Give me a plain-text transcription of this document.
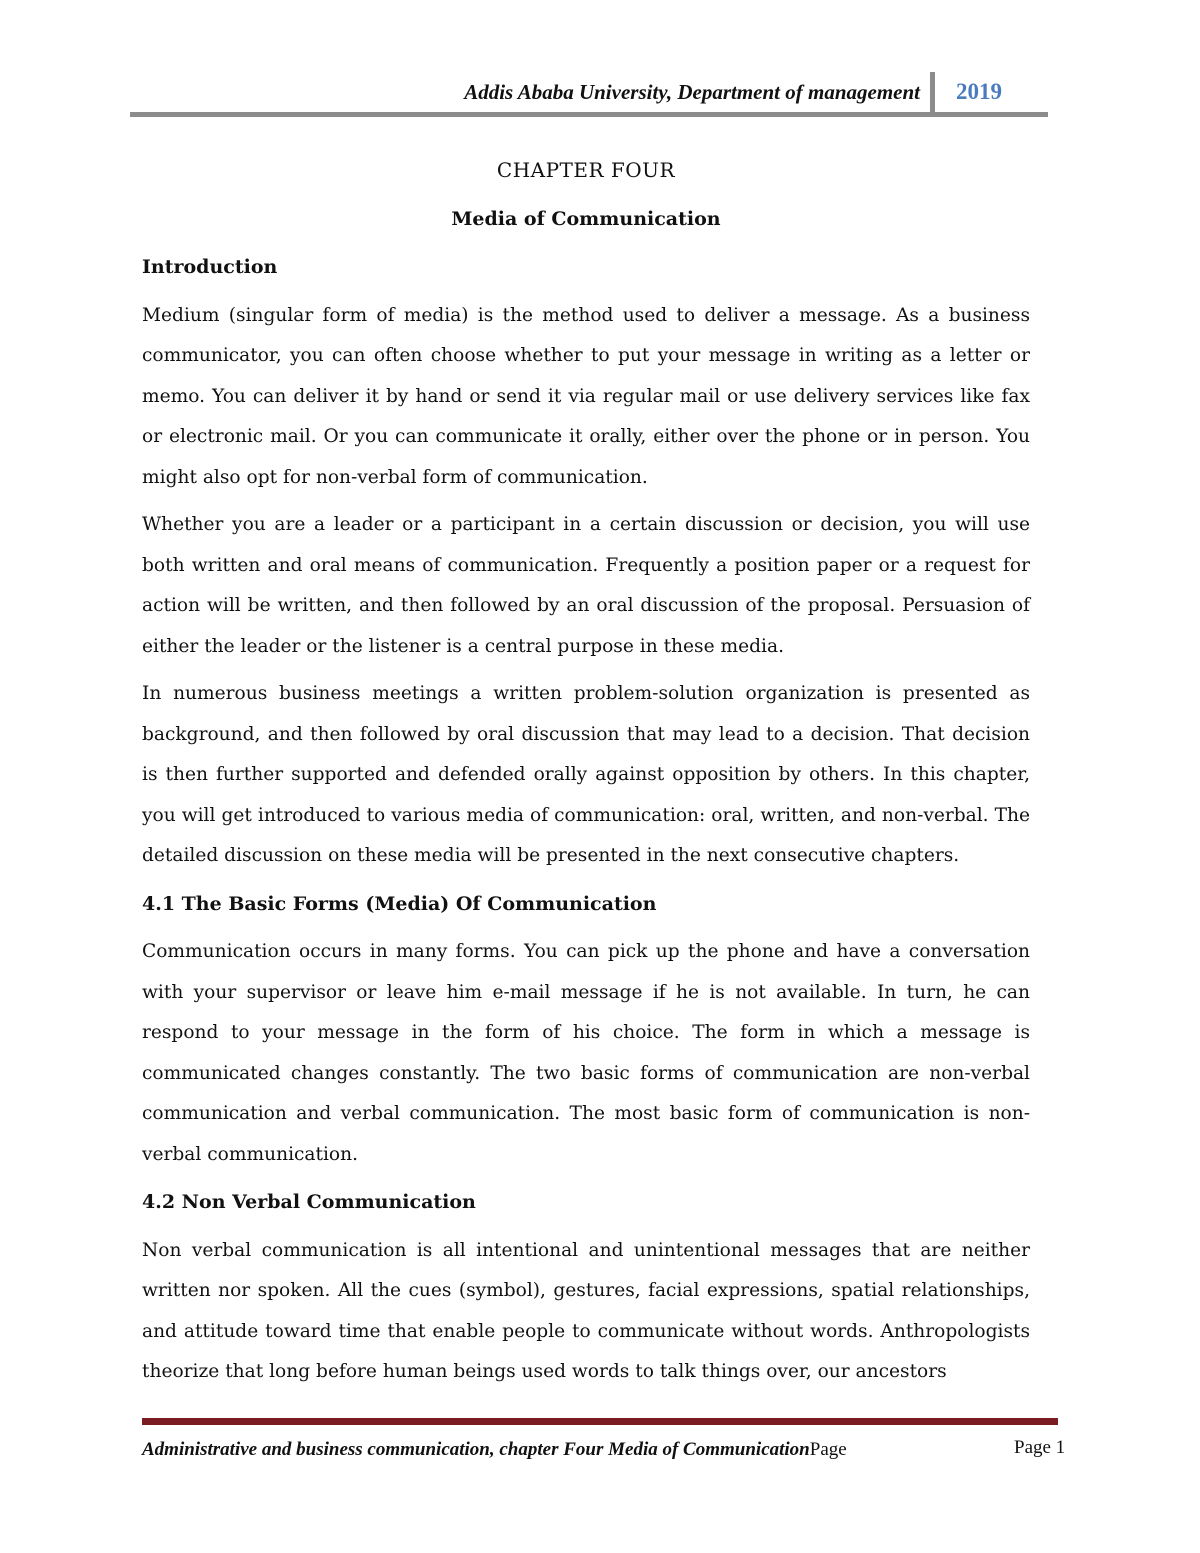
Addis Ababa University, Department of management 2019
CHAPTER FOUR
Media of Communication
Introduction

Medium (singular form of media) is the method used to deliver a message. As a business communicator, you can often choose whether to put your message in writing as a letter or memo. You can deliver it by hand or send it via regular mail or use delivery services like fax or electronic mail. Or you can communicate it orally, either over the phone or in person. You might also opt for non-verbal form of communication.

Whether you are a leader or a participant in a certain discussion or decision, you will use both written and oral means of communication. Frequently a position paper or a request for action will be written, and then followed by an oral discussion of the proposal. Persuasion of either the leader or the listener is a central purpose in these media.

In numerous business meetings a written problem-solution organization is presented as background, and then followed by oral discussion that may lead to a decision. That decision is then further supported and defended orally against opposition by others. In this chapter, you will get introduced to various media of communication: oral, written, and non-verbal. The detailed discussion on these media will be presented in the next consecutive chapters.

4.1 The Basic Forms (Media) Of Communication

Communication occurs in many forms. You can pick up the phone and have a conversation with your supervisor or leave him e-mail message if he is not available. In turn, he can respond to your message in the form of his choice. The form in which a message is communicated changes constantly. The two basic forms of communication are non-verbal communication and verbal communication. The most basic form of communication is non-verbal communication.

4.2 Non Verbal Communication

Non verbal communication is all intentional and unintentional messages that are neither written nor spoken. All the cues (symbol), gestures, facial expressions, spatial relationships, and attitude toward time that enable people to communicate without words. Anthropologists theorize that long before human beings used words to talk things over, our ancestors

Administrative and business communication, chapter Four Media of CommunicationPage	Page 1
